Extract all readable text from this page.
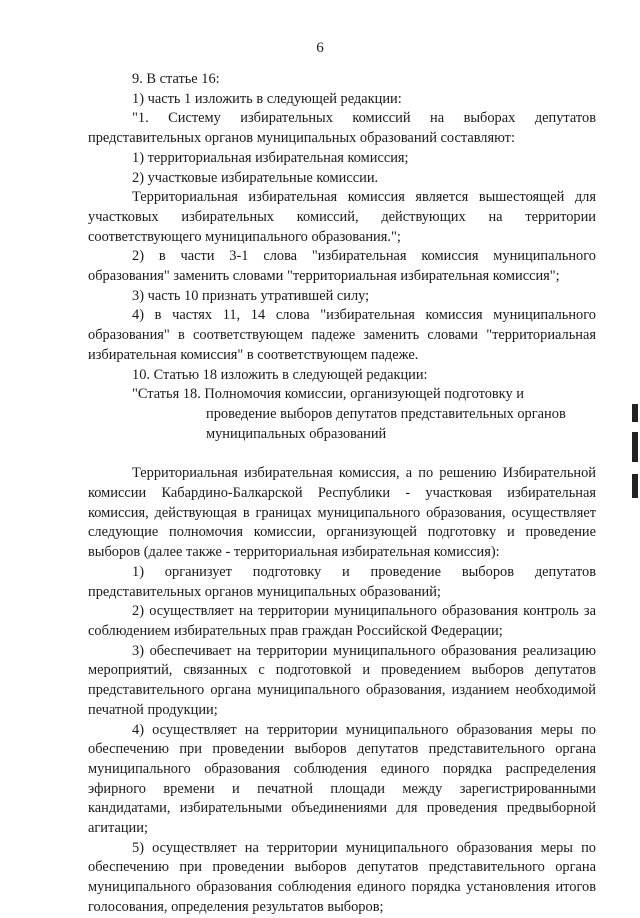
6

9. В статье 16:

1) часть 1 изложить в следующей редакции:

"1. Систему избирательных комиссий на выборах депутатов представительных органов муниципальных образований составляют:

1) территориальная избирательная комиссия;

2) участковые избирательные комиссии.

Территориальная избирательная комиссия является вышестоящей для участковых избирательных комиссий, действующих на территории соответствующего муниципального образования.";

2) в части 3-1 слова "избирательная комиссия муниципального образования" заменить словами "территориальная избирательная комиссия";

3) часть 10 признать утратившей силу;

4) в частях 11, 14 слова "избирательная комиссия муниципального образования" в соответствующем падеже заменить словами "территориальная избирательная комиссия" в соответствующем падеже.

10. Статью 18 изложить в следующей редакции:

"Статья 18. Полномочия комиссии, организующей подготовку и

проведение выборов депутатов представительных органов муниципальных образований

Территориальная избирательная комиссия, а по решению Избирательной комиссии Кабардино-Балкарской Республики - участковая избирательная комиссия, действующая в границах муниципального образования, осуществляет следующие полномочия комиссии, организующей подготовку и проведение выборов (далее также - территориальная избирательная комиссия):

1) организует подготовку и проведение выборов депутатов представительных органов муниципальных образований;

2) осуществляет на территории муниципального образования контроль за соблюдением избирательных прав граждан Российской Федерации;

3) обеспечивает на территории муниципального образования реализацию мероприятий, связанных с подготовкой и проведением выборов депутатов представительного органа муниципального образования, изданием необходимой печатной продукции;

4) осуществляет на территории муниципального образования меры по обеспечению при проведении выборов депутатов представительного органа муниципального образования соблюдения единого порядка распределения эфирного времени и печатной площади между зарегистрированными кандидатами, избирательными объединениями для проведения предвыборной агитации;

5) осуществляет на территории муниципального образования меры по обеспечению при проведении выборов депутатов представительного органа муниципального образования соблюдения единого порядка установления итогов голосования, определения результатов выборов;
